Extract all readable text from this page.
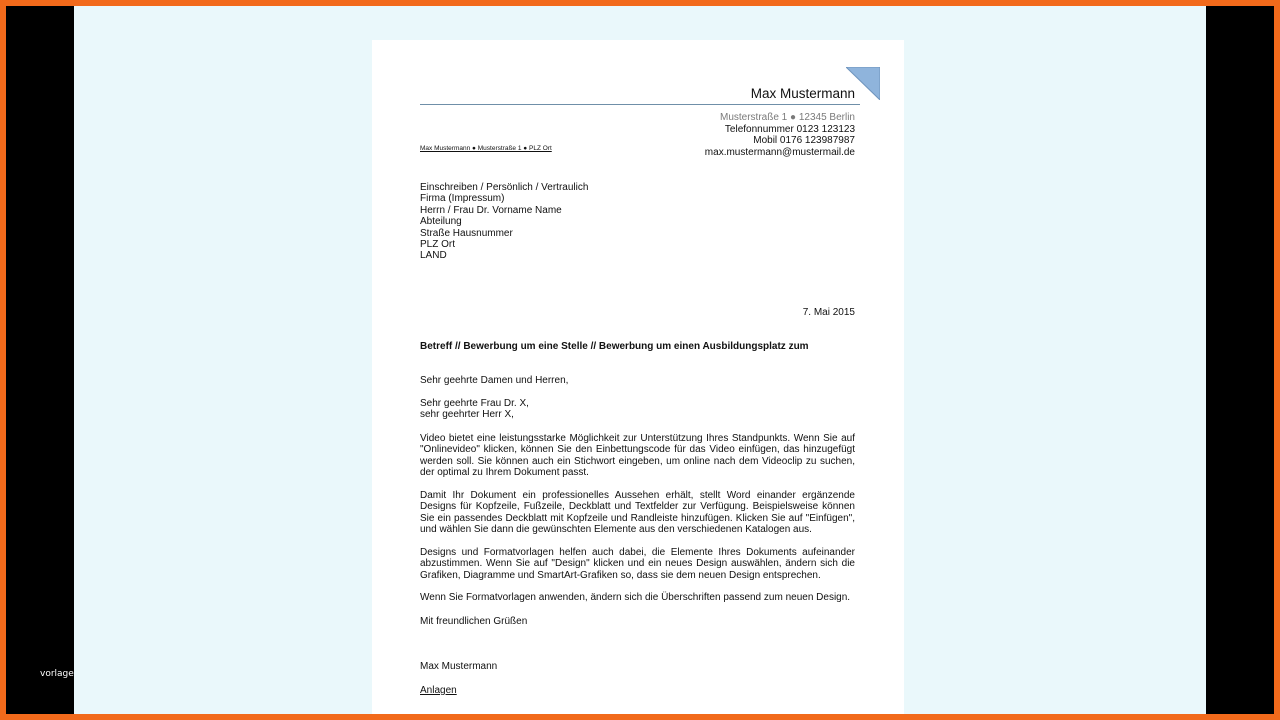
vorlage
Max Mustermann
Musterstraße 1 ● 12345 Berlin
Telefonnummer 0123 123123
Mobil 0176 123987987
max.mustermann@mustermail.de
Max Mustermann ● Musterstraße 1 ● PLZ Ort
Einschreiben / Persönlich / Vertraulich
Firma (Impressum)
Herrn / Frau Dr. Vorname Name
Abteilung
Straße Hausnummer
PLZ Ort
LAND
7. Mai 2015
Betreff // Bewerbung um eine Stelle // Bewerbung um einen Ausbildungsplatz zum
Sehr geehrte Damen und Herren,
Sehr geehrte Frau Dr. X,
sehr geehrter Herr X,

Video bietet eine leistungsstarke Möglichkeit zur Unterstützung Ihres Standpunkts. Wenn Sie auf "Onlinevideo" klicken, können Sie den Einbettungscode für das Video einfügen, das hinzugefügt werden soll. Sie können auch ein Stichwort eingeben, um online nach dem Videoclip zu suchen, der optimal zu Ihrem Dokument passt.

Damit Ihr Dokument ein professionelles Aussehen erhält, stellt Word einander ergänzende Designs für Kopfzeile, Fußzeile, Deckblatt und Textfelder zur Verfügung. Beispielsweise können Sie ein passendes Deckblatt mit Kopfzeile und Randleiste hinzufügen. Klicken Sie auf "Einfügen", und wählen Sie dann die gewünschten Elemente aus den verschiedenen Katalogen aus.

Designs und Formatvorlagen helfen auch dabei, die Elemente Ihres Dokuments aufeinander abzustimmen. Wenn Sie auf "Design" klicken und ein neues Design auswählen, ändern sich die Grafiken, Diagramme und SmartArt-Grafiken so, dass sie dem neuen Design entsprechen.

Wenn Sie Formatvorlagen anwenden, ändern sich die Überschriften passend zum neuen Design.

Mit freundlichen Grüßen
Max Mustermann
Anlagen
